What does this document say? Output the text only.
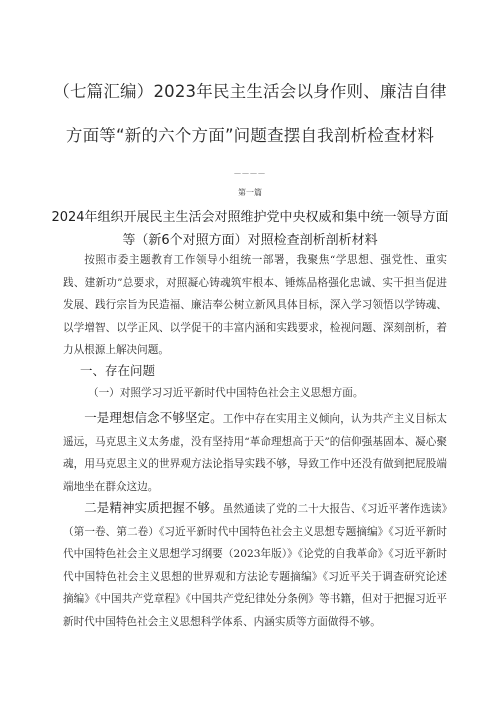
（七篇汇编）2023年民主生活会以身作则、廉洁自律
方面等“新的六个方面”问题查摆自我剖析检查材料
————
第一篇
2024年组织开展民主生活会对照维护党中央权威和集中统一领导方面
等（新6个对照方面）对照检查剖析剖析材料
按照市委主题教育工作领导小组统一部署，我聚焦“学思想、强党性、重实践、建新功”总要求，对照凝心铸魂筑牢根本、锤炼品格强化忠诚、实干担当促进发展、践行宗旨为民造福、廉洁奉公树立新风具体目标，深入学习领悟以学铸魂、以学增智、以学正风、以学促干的丰富内涵和实践要求，检视问题、深刻剖析，着力从根源上解决问题。
一、存在问题
（一）对照学习习近平新时代中国特色社会主义思想方面。
一是理想信念不够坚定。工作中存在实用主义倾向，认为共产主义目标太遥远，马克思主义太务虚，没有坚持用“革命理想高于天”的信仰强基固本、凝心聚魂，用马克思主义的世界观方法论指导实践不够，导致工作中还没有做到把屁股端端地坐在群众这边。
二是精神实质把握不够。虽然通读了党的二十大报告、《习近平著作选读》（第一卷、第二卷）《习近平新时代中国特色社会主义思想专题摘编》《习近平新时代中国特色社会主义思想学习纲要（2023年版）》《论党的自我革命》《习近平新时代中国特色社会主义思想的世界观和方法论专题摘编》《习近平关于调查研究论述摘编》《中国共产党章程》《中国共产党纪律处分条例》等书籍，但对于把握习近平新时代中国特色社会主义思想科学体系、内涵实质等方面做得不够。
